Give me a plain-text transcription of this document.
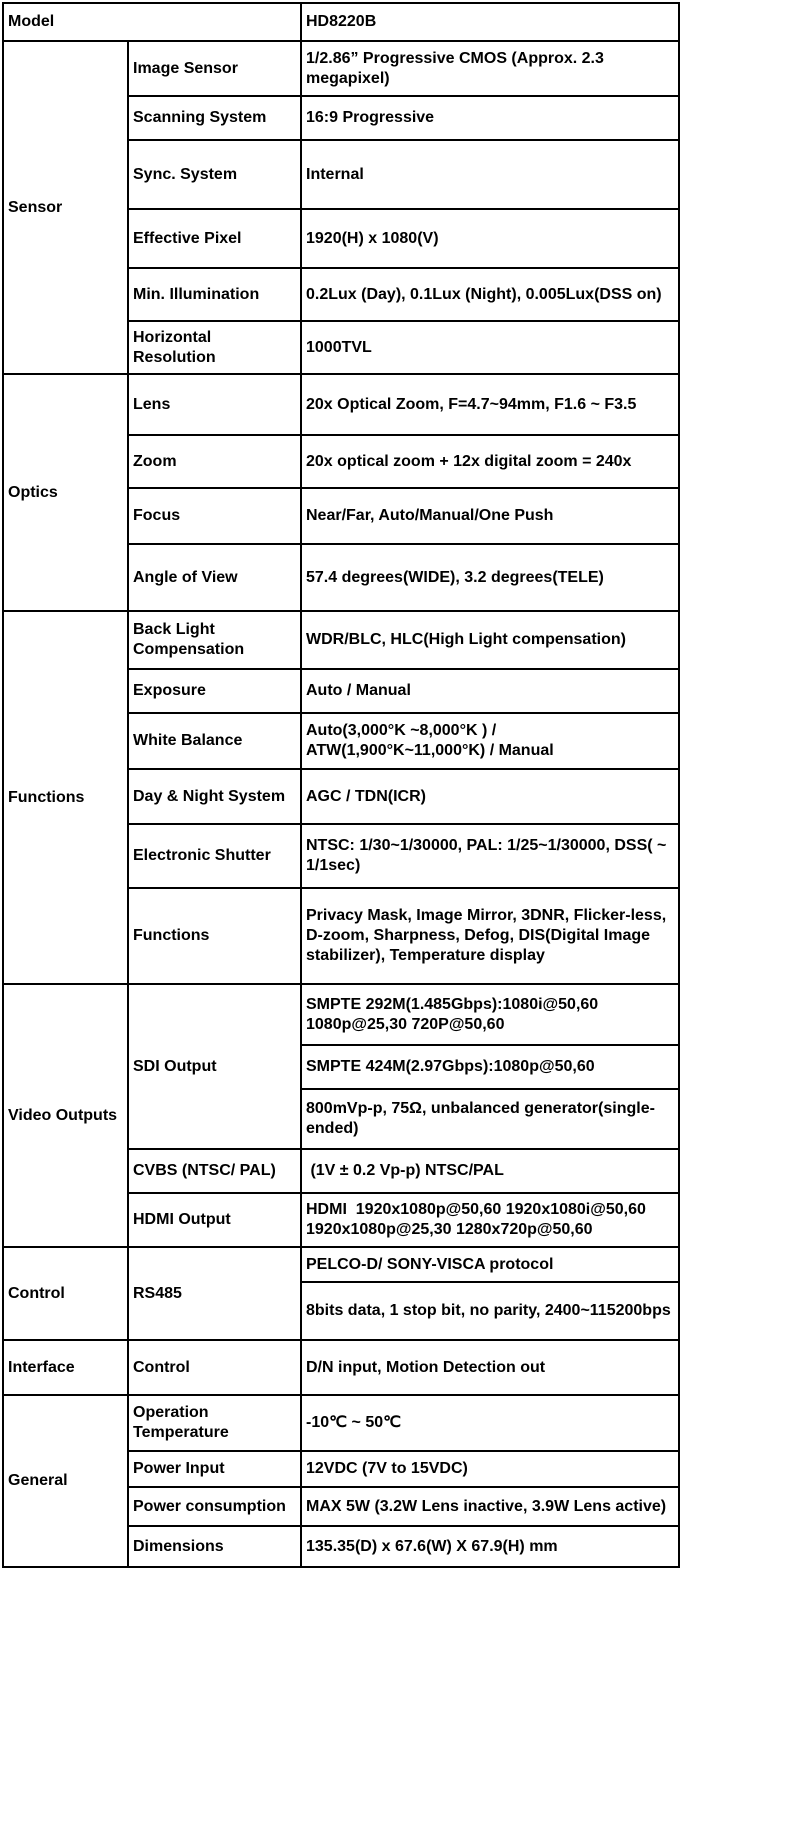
Model		HD8220B
Sensor	Image Sensor	1/2.86” Progressive CMOS (Approx. 2.3 megapixel)
	Scanning System	16:9 Progressive
	Sync. System	Internal
	Effective Pixel	1920(H) x 1080(V)
	Min. Illumination	0.2Lux (Day), 0.1Lux (Night), 0.005Lux(DSS on)
	Horizontal Resolution	1000TVL
Optics	Lens	20x Optical Zoom, F=4.7~94mm, F1.6 ~ F3.5
	Zoom	20x optical zoom + 12x digital zoom = 240x
	Focus	Near/Far, Auto/Manual/One Push
	Angle of View	57.4 degrees(WIDE), 3.2 degrees(TELE)
Functions	Back Light Compensation	WDR/BLC, HLC(High Light compensation)
	Exposure	Auto / Manual
	White Balance	Auto(3,000°K ~8,000°K ) / ATW(1,900°K~11,000°K) / Manual
	Day & Night System	AGC / TDN(ICR)
	Electronic Shutter	NTSC: 1/30~1/30000, PAL: 1/25~1/30000, DSS( ~ 1/1sec)
	Functions	Privacy Mask, Image Mirror, 3DNR, Flicker-less, D-zoom, Sharpness, Defog, DIS(Digital Image stabilizer), Temperature display
Video Outputs	SDI Output	SMPTE 292M(1.485Gbps):1080i@50,60 1080p@25,30 720P@50,60
		SMPTE 424M(2.97Gbps):1080p@50,60
		800mVp-p, 75Ω, unbalanced generator(single-ended)
	CVBS (NTSC/ PAL)	(1V ± 0.2 Vp-p) NTSC/PAL
	HDMI Output	HDMI  1920x1080p@50,60 1920x1080i@50,60 1920x1080p@25,30 1280x720p@50,60
Control	RS485	PELCO-D/ SONY-VISCA protocol
		8bits data, 1 stop bit, no parity, 2400~115200bps
Interface	Control	D/N input, Motion Detection out
General	Operation Temperature	-10℃ ~ 50℃
	Power Input	12VDC (7V to 15VDC)
	Power consumption	MAX 5W (3.2W Lens inactive, 3.9W Lens active)
	Dimensions	135.35(D) x 67.6(W) X 67.9(H) mm
